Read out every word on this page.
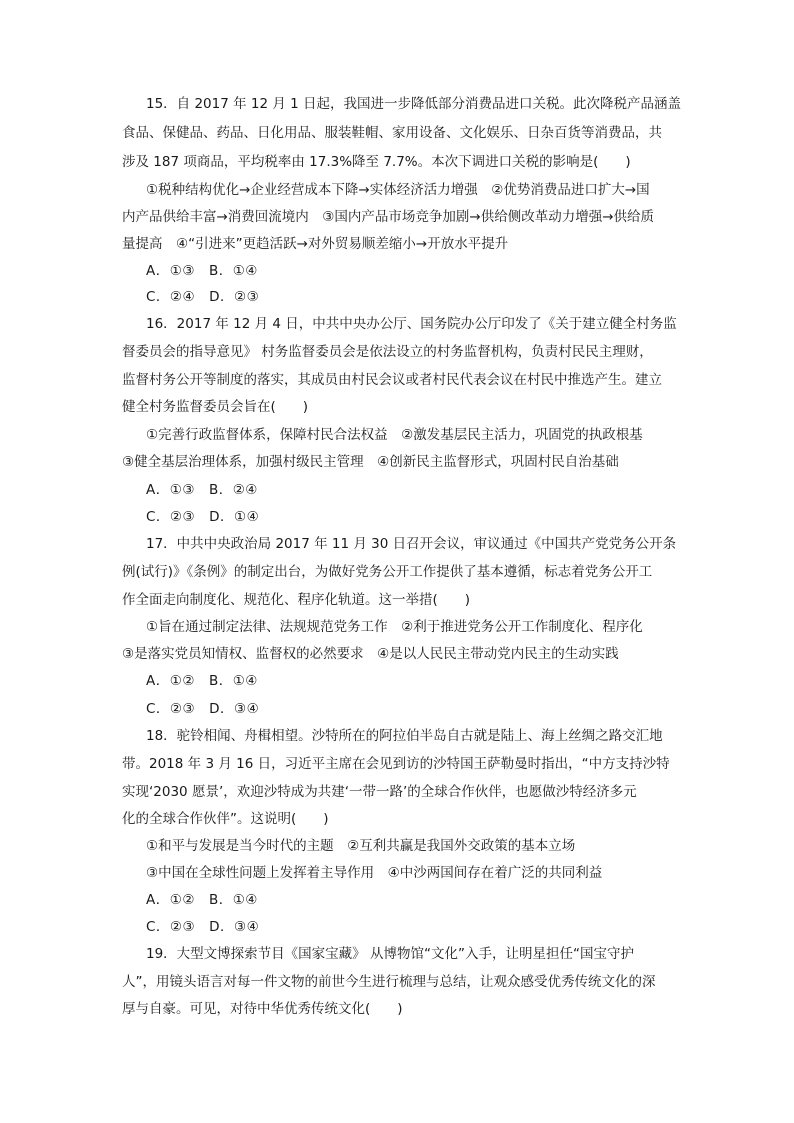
15．自 2017 年 12 月 1 日起，我国进一步降低部分消费品进口关税。此次降税产品涵盖
食品、保健品、药品、日化用品、服装鞋帽、家用设备、文化娱乐、日杂百货等消费品，共
涉及 187 项商品，平均税率由 17.3%降至 7.7%。本次下调进口关税的影响是(　　)
①税种结构优化→企业经营成本下降→实体经济活力增强　②优势消费品进口扩大→国
内产品供给丰富→消费回流境内　③国内产品市场竞争加剧→供给侧改革动力增强→供给质
量提高　④“引进来”更趋活跃→对外贸易顺差缩小→开放水平提升
A．①③　B．①④
C．②④　D．②③
16．2017 年 12 月 4 日，中共中央办公厅、国务院办公厅印发了《关于建立健全村务监
督委员会的指导意见》 村务监督委员会是依法设立的村务监督机构，负责村民民主理财，
监督村务公开等制度的落实，其成员由村民会议或者村民代表会议在村民中推选产生。建立
健全村务监督委员会旨在(　　)
①完善行政监督体系，保障村民合法权益　②激发基层民主活力，巩固党的执政根基
③健全基层治理体系，加强村级民主管理　④创新民主监督形式，巩固村民自治基础
A．①③　B．②④
C．②③　D．①④
17．中共中央政治局 2017 年 11 月 30 日召开会议，审议通过《中国共产党党务公开条
例(试行)》《条例》的制定出台，为做好党务公开工作提供了基本遵循，标志着党务公开工
作全面走向制度化、规范化、程序化轨道。这一举措(　　)
①旨在通过制定法律、法规规范党务工作　②利于推进党务公开工作制度化、程序化
③是落实党员知情权、监督权的必然要求　④是以人民民主带动党内民主的生动实践
A．①②　B．①④
C．②③　D．③④
18．驼铃相闻、舟楫相望。沙特所在的阿拉伯半岛自古就是陆上、海上丝绸之路交汇地
带。2018 年 3 月 16 日，习近平主席在会见到访的沙特国王萨勒曼时指出，“中方支持沙特
实现‘2030 愿景’，欢迎沙特成为共建‘一带一路’的全球合作伙伴，也愿做沙特经济多元
化的全球合作伙伴”。这说明(　　)
①和平与发展是当今时代的主题　②互利共赢是我国外交政策的基本立场
③中国在全球性问题上发挥着主导作用　④中沙两国间存在着广泛的共同利益
A．①②　B．①④
C．②③　D．③④
19．大型文博探索节目《国家宝藏》 从博物馆“文化”入手，让明星担任“国宝守护
人”，用镜头语言对每一件文物的前世今生进行梳理与总结，让观众感受优秀传统文化的深
厚与自豪。可见，对待中华优秀传统文化(　　)
